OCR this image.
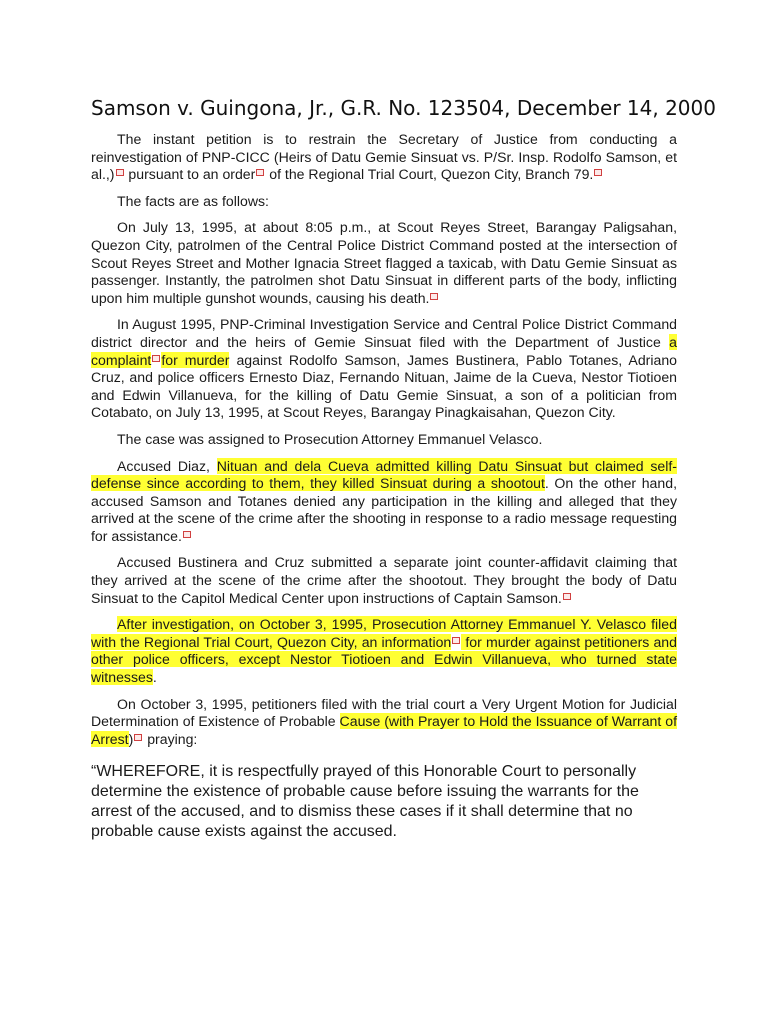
Samson v. Guingona, Jr., G.R. No. 123504, December 14, 2000

The instant petition is to restrain the Secretary of Justice from conducting a reinvestigation of PNP-CICC (Heirs of Datu Gemie Sinsuat vs. P/Sr. Insp. Rodolfo Samson, et al.,) pursuant to an order of the Regional Trial Court, Quezon City, Branch 79.

The facts are as follows:

On July 13, 1995, at about 8:05 p.m., at Scout Reyes Street, Barangay Paligsahan, Quezon City, patrolmen of the Central Police District Command posted at the intersection of Scout Reyes Street and Mother Ignacia Street flagged a taxicab, with Datu Gemie Sinsuat as passenger. Instantly, the patrolmen shot Datu Sinsuat in different parts of the body, inflicting upon him multiple gunshot wounds, causing his death.

In August 1995, PNP-Criminal Investigation Service and Central Police District Command district director and the heirs of Gemie Sinsuat filed with the Department of Justice a complaint for murder against Rodolfo Samson, James Bustinera, Pablo Totanes, Adriano Cruz, and police officers Ernesto Diaz, Fernando Nituan, Jaime de la Cueva, Nestor Tiotioen and Edwin Villanueva, for the killing of Datu Gemie Sinsuat, a son of a politician from Cotabato, on July 13, 1995, at Scout Reyes, Barangay Pinagkaisahan, Quezon City.

The case was assigned to Prosecution Attorney Emmanuel Velasco.

Accused Diaz, Nituan and dela Cueva admitted killing Datu Sinsuat but claimed self-defense since according to them, they killed Sinsuat during a shootout. On the other hand, accused Samson and Totanes denied any participation in the killing and alleged that they arrived at the scene of the crime after the shooting in response to a radio message requesting for assistance.

Accused Bustinera and Cruz submitted a separate joint counter-affidavit claiming that they arrived at the scene of the crime after the shootout. They brought the body of Datu Sinsuat to the Capitol Medical Center upon instructions of Captain Samson.

After investigation, on October 3, 1995, Prosecution Attorney Emmanuel Y. Velasco filed with the Regional Trial Court, Quezon City, an information for murder against petitioners and other police officers, except Nestor Tiotioen and Edwin Villanueva, who turned state witnesses.

On October 3, 1995, petitioners filed with the trial court a Very Urgent Motion for Judicial Determination of Existence of Probable Cause (with Prayer to Hold the Issuance of Warrant of Arrest) praying:

“WHEREFORE, it is respectfully prayed of this Honorable Court to personally determine the existence of probable cause before issuing the warrants for the arrest of the accused, and to dismiss these cases if it shall determine that no probable cause exists against the accused.
